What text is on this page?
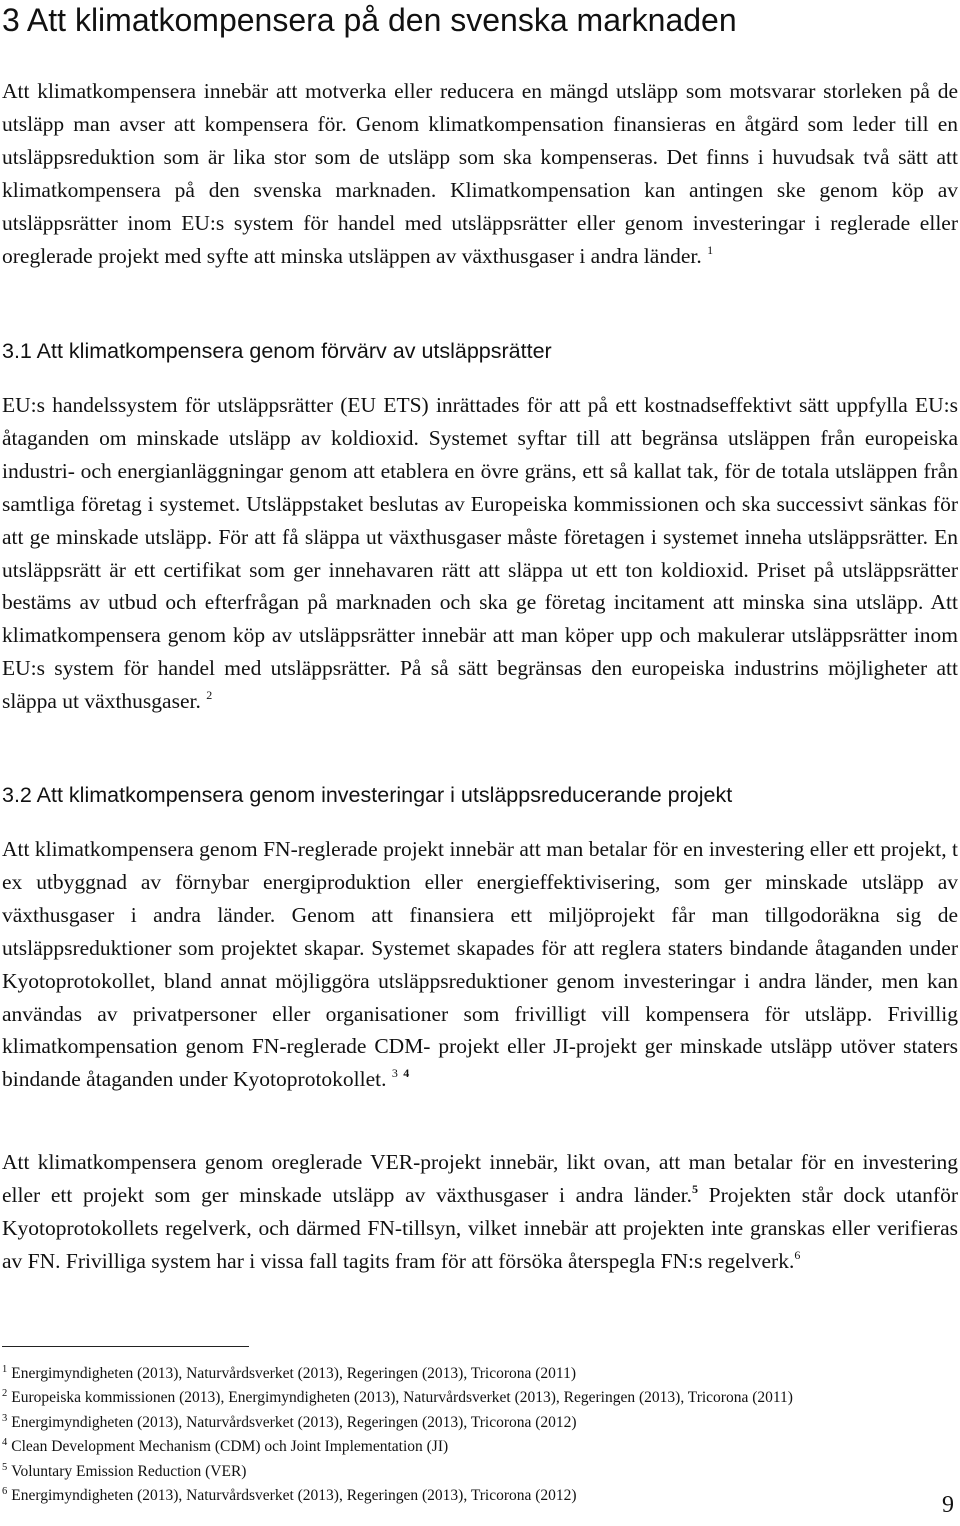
3 Att klimatkompensera på den svenska marknaden

Att klimatkompensera innebär att motverka eller reducera en mängd utsläpp som motsvarar storleken på de utsläpp man avser att kompensera för. Genom klimatkompensation finansieras en åtgärd som leder till en utsläppsreduktion som är lika stor som de utsläpp som ska kompenseras. Det finns i huvudsak två sätt att klimatkompensera på den svenska marknaden. Klimatkompensation kan antingen ske genom köp av utsläppsrätter inom EU:s system för handel med utsläppsrätter eller genom investeringar i reglerade eller oreglerade projekt med syfte att minska utsläppen av växthusgaser i andra länder. $^1$

3.1 Att klimatkompensera genom förvärv av utsläppsrätter

EU:s handelssystem för utsläppsrätter (EU ETS) inrättades för att på ett kostnadseffektivt sätt uppfylla EU:s åtaganden om minskade utsläpp av koldioxid. Systemet syftar till att begränsa utsläppen från europeiska industri- och energianläggningar genom att etablera en övre gräns, ett så kallat tak, för de totala utsläppen från samtliga företag i systemet. Utsläppstaket beslutas av Europeiska kommissionen och ska successivt sänkas för att ge minskade utsläpp. För att få släppa ut växthusgaser måste företagen i systemet inneha utsläppsrätter. En utsläppsrätt är ett certifikat som ger innehavaren rätt att släppa ut ett ton koldioxid. Priset på utsläppsrätter bestäms av utbud och efterfrågan på marknaden och ska ge företag incitament att minska sina utsläpp. Att klimatkompensera genom köp av utsläppsrätter innebär att man köper upp och makulerar utsläppsrätter inom EU:s system för handel med utsläppsrätter. På så sätt begränsas den europeiska industrins möjligheter att släppa ut växthusgaser. $^2$

3.2 Att klimatkompensera genom investeringar i utsläppsreducerande projekt

Att klimatkompensera genom FN-reglerade projekt innebär att man betalar för en investering eller ett projekt, t ex utbyggnad av förnybar energiproduktion eller energieffektivisering, som ger minskade utsläpp av växthusgaser i andra länder. Genom att finansiera ett miljöprojekt får man tillgodoräkna sig de utsläppsreduktioner som projektet skapar. Systemet skapades för att reglera staters bindande åtaganden under Kyotoprotokollet, bland annat möjliggöra utsläppsreduktioner genom investeringar i andra länder, men kan användas av privatpersoner eller organisationer som frivilligt vill kompensera för utsläpp. Frivillig klimatkompensation genom FN-reglerade CDM- projekt eller JI-projekt ger minskade utsläpp utöver staters bindande åtaganden under Kyotoprotokollet. $^3$ $^4$

Att klimatkompensera genom oreglerade VER-projekt innebär, likt ovan, att man betalar för en investering eller ett projekt som ger minskade utsläpp av växthusgaser i andra länder.$^5$ Projekten står dock utanför Kyotoprotokollets regelverk, och därmed FN-tillsyn, vilket innebär att projekten inte granskas eller verifieras av FN. Frivilliga system har i vissa fall tagits fram för att försöka återspegla FN:s regelverk.$^6$

$^1$ Energimyndigheten (2013), Naturvårdsverket (2013), Regeringen (2013), Tricorona (2011)
$^2$ Europeiska kommissionen (2013), Energimyndigheten (2013), Naturvårdsverket (2013), Regeringen (2013), Tricorona (2011)
$^3$ Energimyndigheten (2013), Naturvårdsverket (2013), Regeringen (2013), Tricorona (2012)
$^4$ Clean Development Mechanism (CDM) och Joint Implementation (JI)
$^5$ Voluntary Emission Reduction (VER)
$^6$ Energimyndigheten (2013), Naturvårdsverket (2013), Regeringen (2013), Tricorona (2012)	9
